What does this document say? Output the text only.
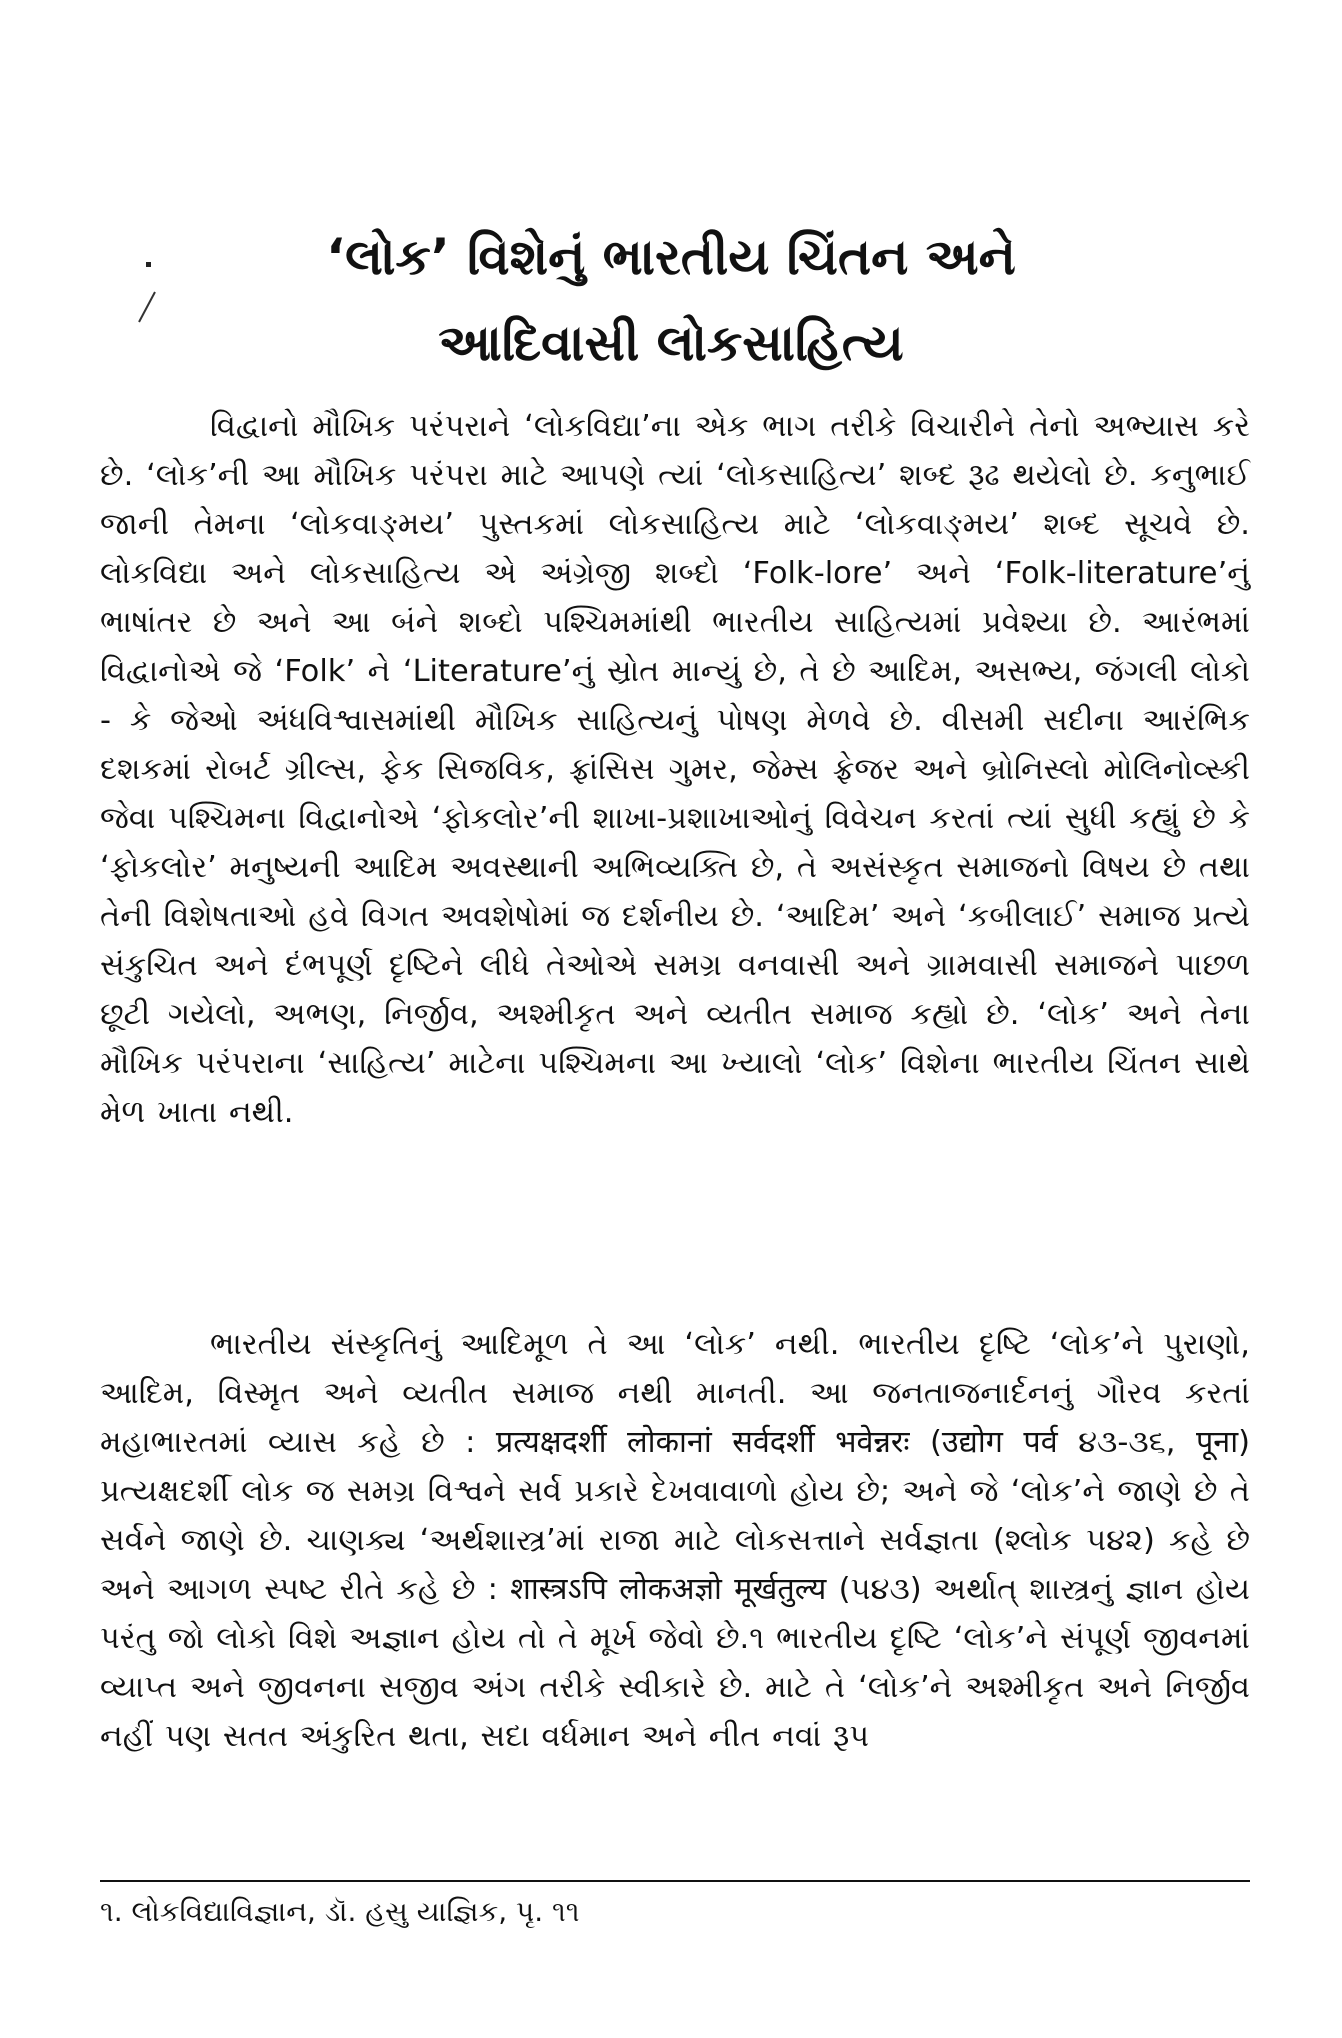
‘લોક’ વિશેનું ભારતીય ચિંતન અને
આદિવાસી લોકસાહિત્ય

વિદ્વાનો મૌખિક પરંપરાને ‘લોકવિદ્યા’ના એક ભાગ તરીકે વિચારીને તેનો અભ્યાસ કરે છે. ‘લોક’ની આ મૌખિક પરંપરા માટે આપણે ત્યાં ‘લોકસાહિત્ય’ શબ્દ રૂઢ થયેલો છે. કનુભાઈ જાની તેમના ‘લોકવાઙ્મય’ પુસ્તકમાં લોકસાહિત્ય માટે ‘લોકવાઙ્મય’ શબ્દ સૂચવે છે. લોકવિદ્યા અને લોકસાહિત્ય એ અંગ્રેજી શબ્દો ‘Folk-lore’ અને ‘Folk-literature’નું ભાષાંતર છે અને આ બંને શબ્દો પશ્ચિમમાંથી ભારતીય સાહિત્યમાં પ્રવેશ્યા છે. આરંભમાં વિદ્વાનોએ જે ‘Folk’ ને ‘Literature’નું સ્રોત માન્યું છે, તે છે આદિમ, અસભ્ય, જંગલી લોકો - કે જેઓ અંધવિશ્વાસમાંથી મૌખિક સાહિત્યનું પોષણ મેળવે છે. વીસમી સદીના આરંભિક દશકમાં રોબર્ટ ગ્રીલ્સ, ફેક સિજવિક, ફ્રાંસિસ ગુમર, જેમ્સ ફ્રેજર અને બ્રોનિસ્લો મોલિનોવ્સ્કી જેવા પશ્ચિમના વિદ્વાનોએ ‘ફોકલોર’ની શાખા-પ્રશાખાઓનું વિવેચન કરતાં ત્યાં સુધી કહ્યું છે કે ‘ફોકલોર’ મનુષ્યની આદિમ અવસ્થાની અભિવ્યક્તિ છે, તે અસંસ્કૃત સમાજનો વિષય છે તથા તેની વિશેષતાઓ હવે વિગત અવશેષોમાં જ દર્શનીય છે. ‘આદિમ’ અને ‘કબીલાઈ’ સમાજ પ્રત્યે સંકુચિત અને દંભપૂર્ણ દૃષ્ટિને લીધે તેઓએ સમગ્ર વનવાસી અને ગ્રામવાસી સમાજને પાછળ છૂટી ગયેલો, અભણ, નિર્જીવ, અશ્મીકૃત અને વ્યતીત સમાજ કહ્યો છે. ‘લોક’ અને તેના મૌખિક પરંપરાના ‘સાહિત્ય’ માટેના પશ્ચિમના આ ખ્યાલો ‘લોક’ વિશેના ભારતીય ચિંતન સાથે મેળ ખાતા નથી.

ભારતીય સંસ્કૃતિનું આદિમૂળ તે આ ‘લોક’ નથી. ભારતીય દૃષ્ટિ ‘લોક’ને પુરાણો, આદિમ, વિસ્મૃત અને વ્યતીત સમાજ નથી માનતી. આ જનતાજનાર્દનનું ગૌરવ કરતાં મહાભારતમાં વ્યાસ કહે છે : प्रत्यक्षदर्शी लोकानां सर्वदर्शी भवेन्नरः (उद्योग पर्व ૪૩-૩૬, पूना) પ્રત્યક્ષદર્શી લોક જ સમગ્ર વિશ્વને સર્વ પ્રકારે દેખવાવાળો હોય છે; અને જે ‘લોક’ને જાણે છે તે સર્વને જાણે છે. ચાણક્ય ‘અર્થશાસ્ત્ર’માં રાજા માટે લોકસત્તાને સર્વજ્ઞતા (શ્લોક ૫૪૨) કહે છે અને આગળ સ્પષ્ટ રીતે કહે છે : शास्त्रऽपि लोकअज्ञो मूर्खतुल्य (૫૪૩) અર્થાત્ શાસ્ત્રનું જ્ઞાન હોય પરંતુ જો લોકો વિશે અજ્ઞાન હોય તો તે મૂર્ખ જેવો છે.૧ ભારતીય દૃષ્ટિ ‘લોક’ને સંપૂર્ણ જીવનમાં વ્યાપ્ત અને જીવનના સજીવ અંગ તરીકે સ્વીકારે છે. માટે તે ‘લોક’ને અશ્મીકૃત અને નિર્જીવ નહીં પણ સતત અંકુરિત થતા, સદા વર્ધમાન અને નીત નવાં રૂપ

૧. લોકવિદ્યાવિજ્ઞાન, ડૉ. હસુ યાજ્ઞિક, પૃ. ૧૧
